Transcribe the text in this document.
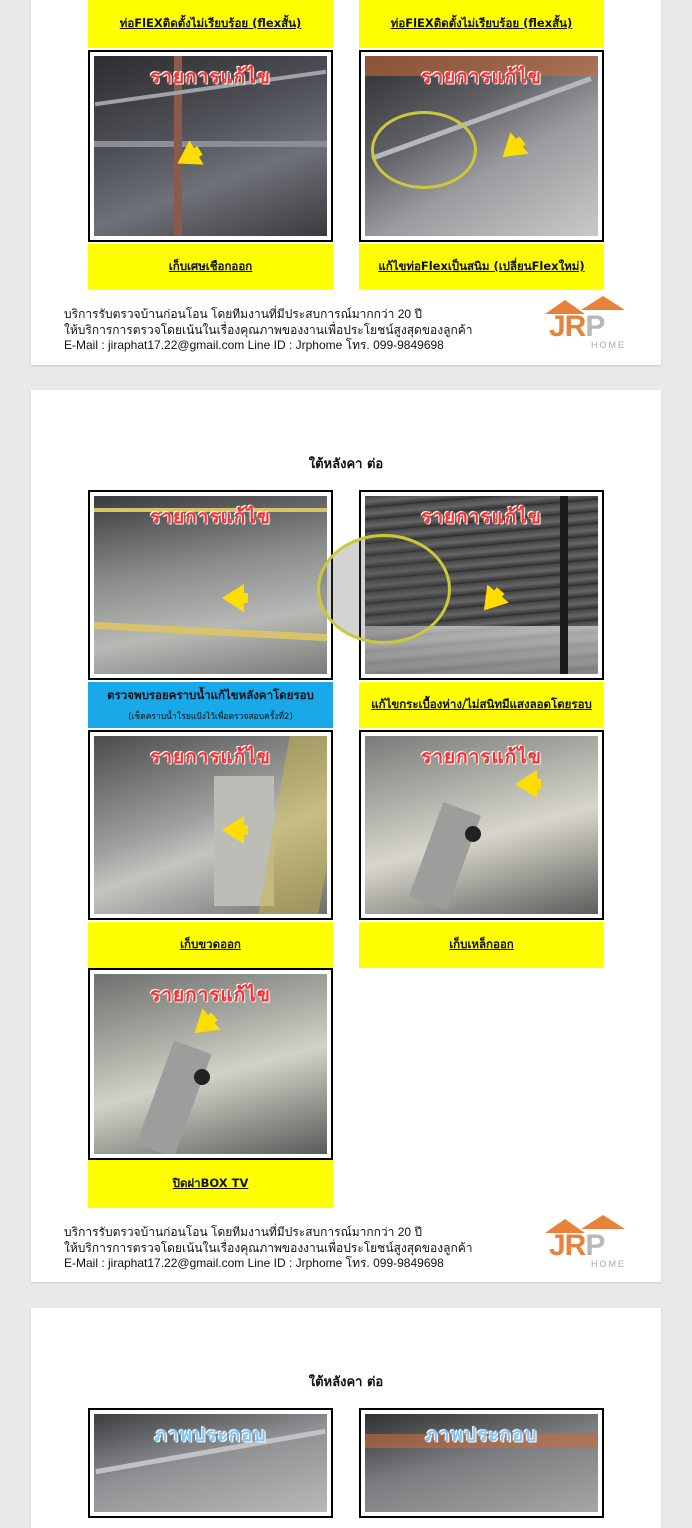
ท่อFlEXติดตั้งไม่เรียบร้อย (flexสั้น)	ท่อFlEXติดตั้งไม่เรียบร้อย (flexสั้น)
รายการแก้ไข	รายการแก้ไข
เก็บเศษเชือกออก	แก้ไขท่อFlexเป็นสนิม (เปลี่ยนFlexใหม่)
บริการรับตรวจบ้านก่อนโอน โดยทีมงานที่มีประสบการณ์มากกว่า 20 ปี
ให้บริการการตรวจโดยเน้นในเรื่องคุณภาพของงานเพื่อประโยชน์สูงสุดของลูกค้า
E-Mail : jiraphat17.22@gmail.com Line ID : Jrphome โทร. 099-9849698
JRP
HOME
ใต้หลังคา ต่อ
รายการแก้ไข	รายการแก้ไข
ตรวจพบรอยคราบน้ำแก้ไขหลังคาโดยรอบ
(เช็ดคราบน้ำโรยแป้งไว้เพื่อตรวจสอบครั้งที่2)
แก้ไขกระเบื้องห่าง/ไม่สนิทมีแสงลอดโดยรอบ
รายการแก้ไข	รายการแก้ไข
เก็บขวดออก	เก็บเหล็กออก
รายการแก้ไข
ปิดฝาBOX TV
บริการรับตรวจบ้านก่อนโอน โดยทีมงานที่มีประสบการณ์มากกว่า 20 ปี
ให้บริการการตรวจโดยเน้นในเรื่องคุณภาพของงานเพื่อประโยชน์สูงสุดของลูกค้า
E-Mail : jiraphat17.22@gmail.com Line ID : Jrphome โทร. 099-9849698
JRP
HOME
ใต้หลังคา ต่อ
ภาพประกอบ	ภาพประกอบ
